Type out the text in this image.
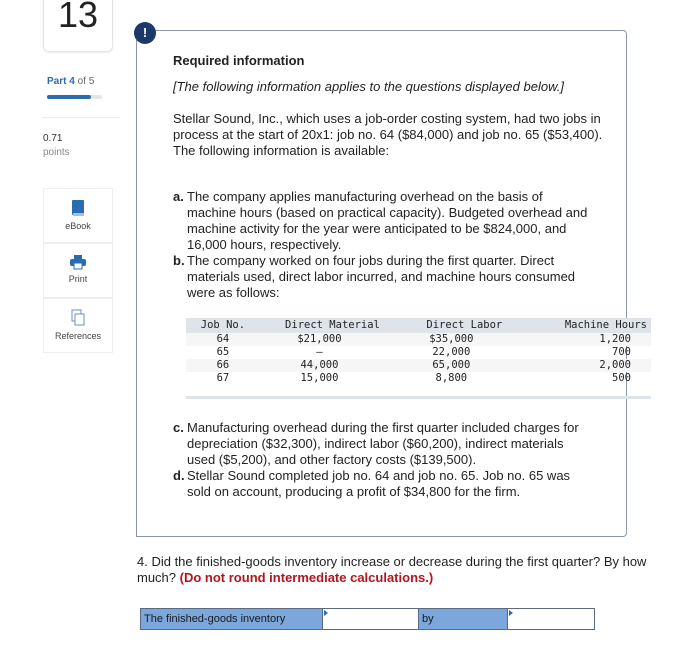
13
Part 4 of 5
0.71
points
eBook
Print
References
Required information
[The following information applies to the questions displayed below.]
Stellar Sound, Inc., which uses a job-order costing system, had two jobs in process at the start of 20x1: job no. 64 ($84,000) and job no. 65 ($53,400). The following information is available:
a. The company applies manufacturing overhead on the basis of machine hours (based on practical capacity). Budgeted overhead and machine activity for the year were anticipated to be $824,000, and 16,000 hours, respectively.
b. The company worked on four jobs during the first quarter. Direct materials used, direct labor incurred, and machine hours consumed were as follows:
c. Manufacturing overhead during the first quarter included charges for depreciation ($32,300), indirect labor ($60,200), indirect materials used ($5,200), and other factory costs ($139,500).
d. Stellar Sound completed job no. 64 and job no. 65. Job no. 65 was sold on account, producing a profit of $34,800 for the firm.
!
Job No.	Direct Material	Direct Labor	Machine Hours
64	$21,000	$35,000	1,200
65	–	22,000	700
66	44,000	65,000	2,000
67	15,000	8,800	500
4. Did the finished-goods inventory increase or decrease during the first quarter? By how much? (Do not round intermediate calculations.)
The finished-goods inventory	by
